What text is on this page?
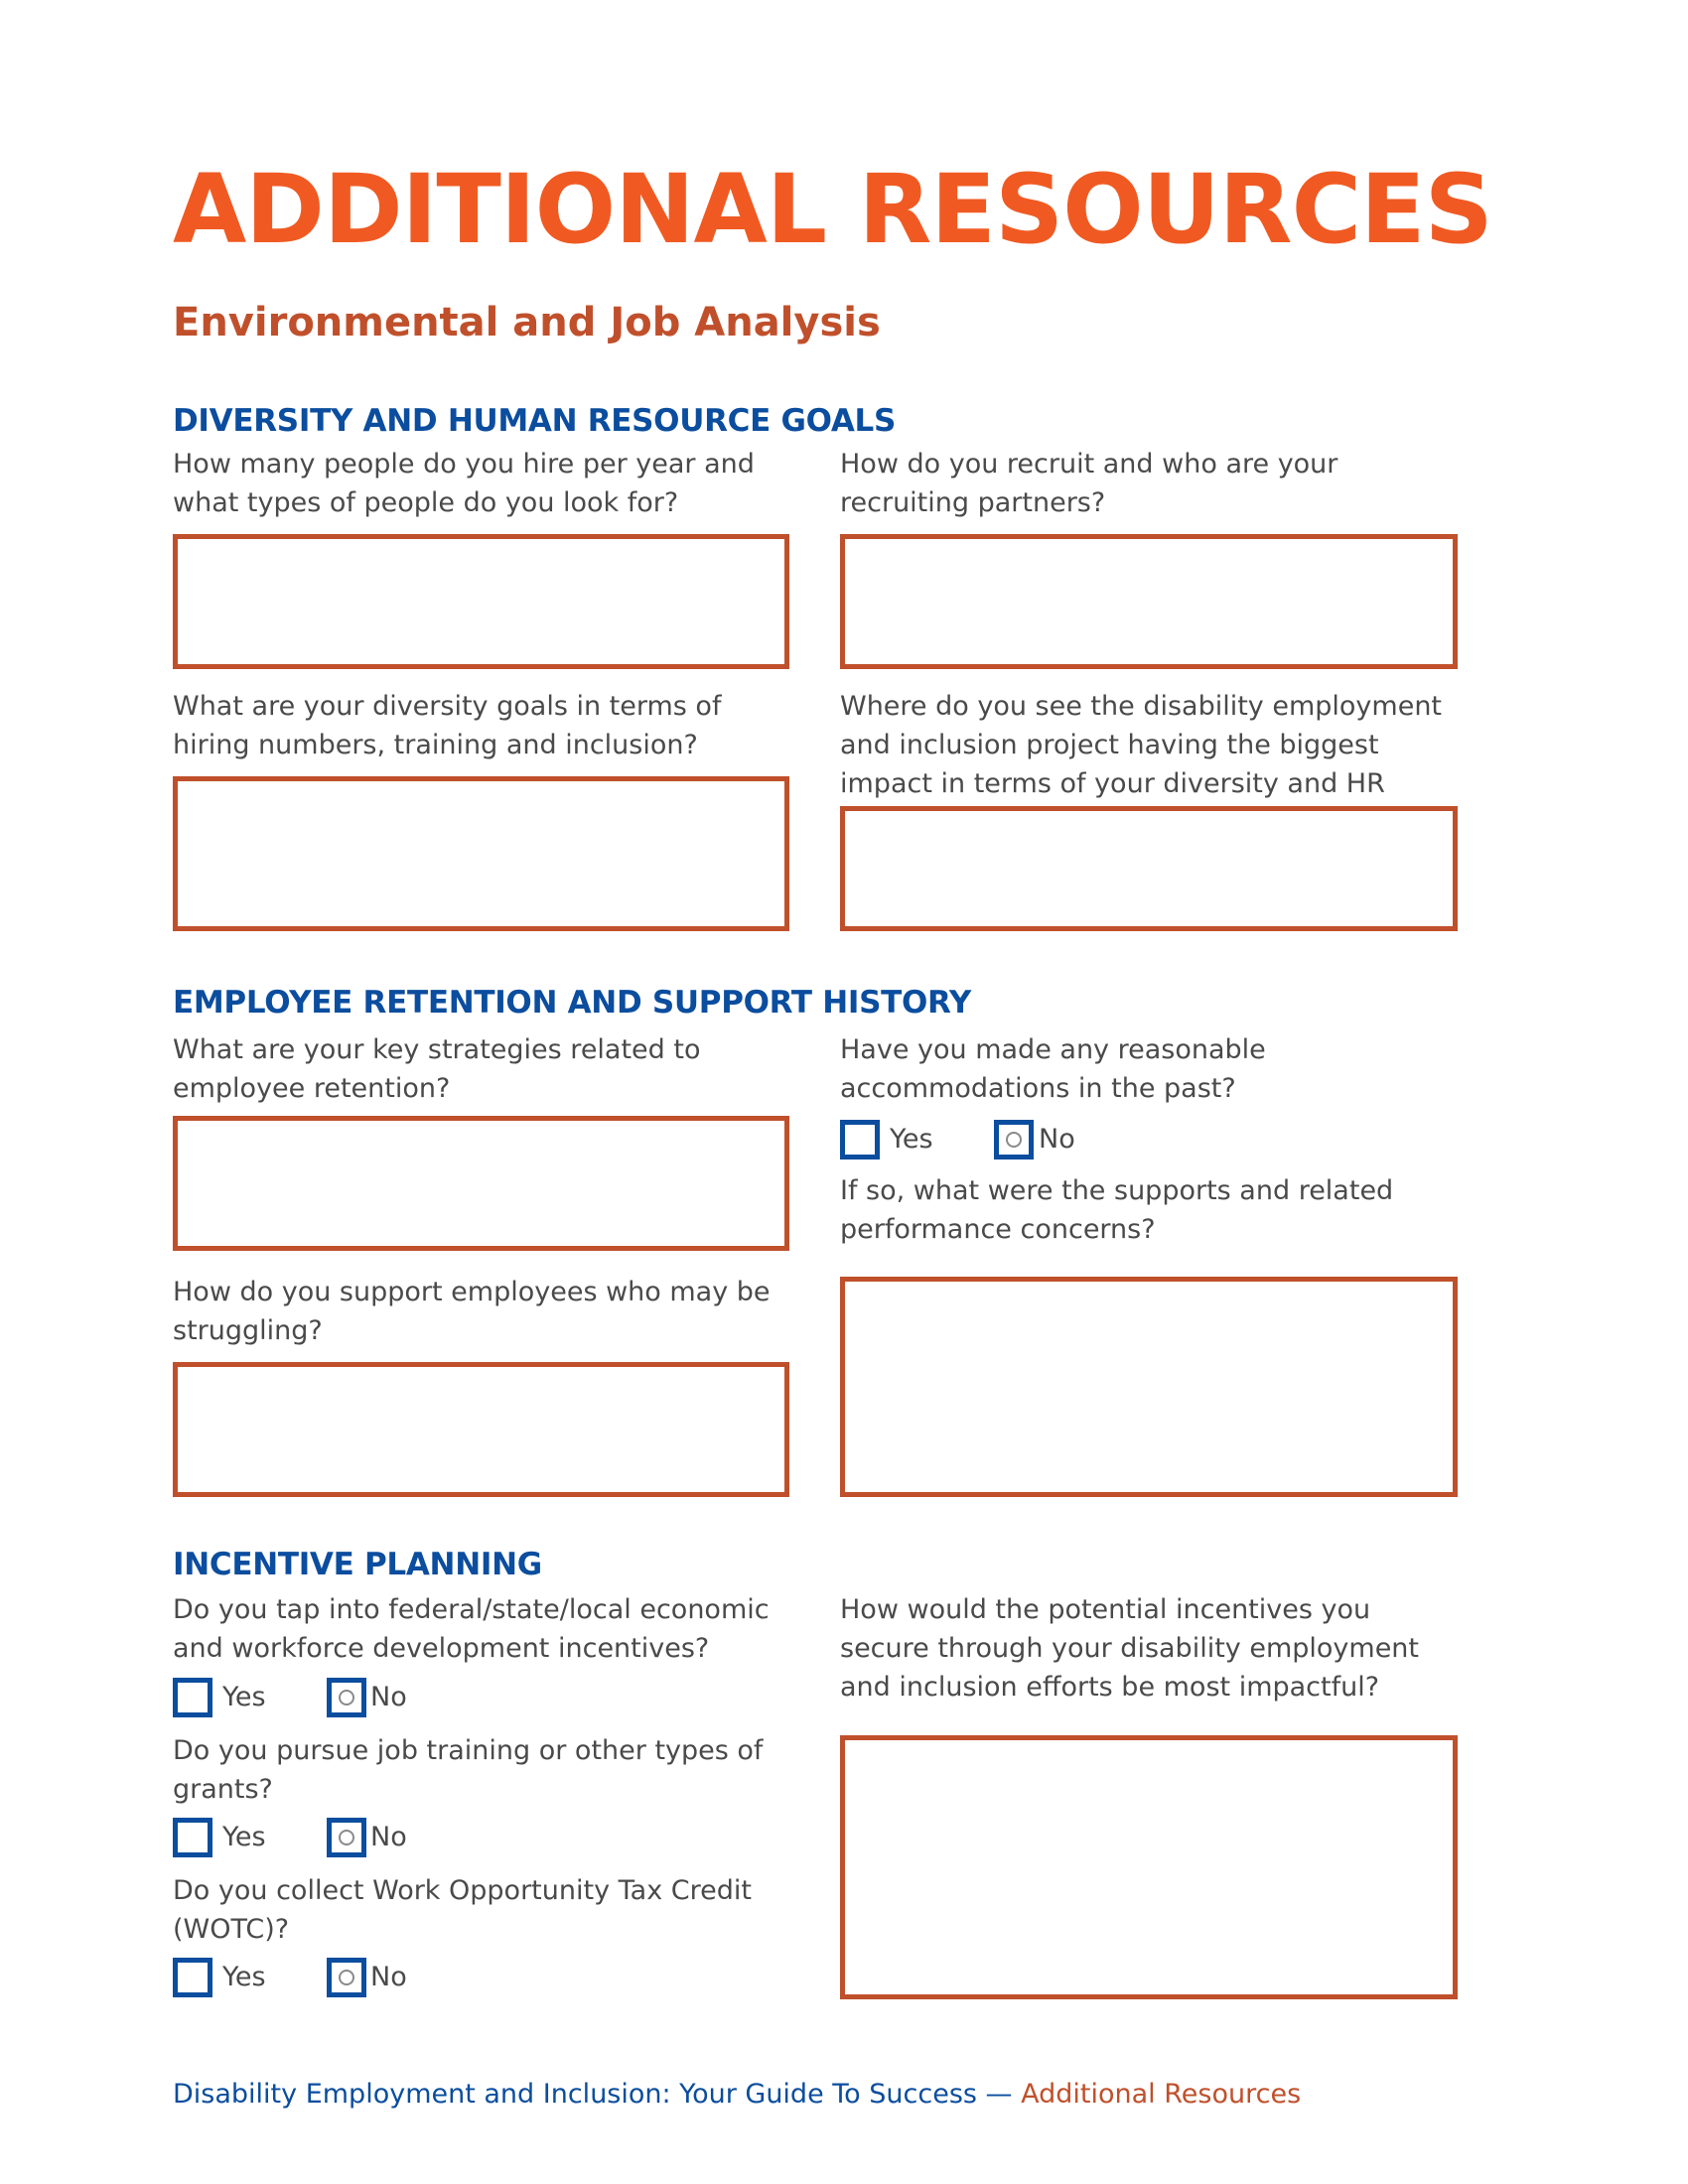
ADDITIONAL RESOURCES
Environmental and Job Analysis
DIVERSITY AND HUMAN RESOURCE GOALS
How many people do you hire per year and what types of people do you look for?
How do you recruit and who are your recruiting partners?
What are your diversity goals in terms of hiring numbers, training and inclusion?
Where do you see the disability employment and inclusion project having the biggest impact in terms of your diversity and HR
EMPLOYEE RETENTION AND SUPPORT HISTORY
What are your key strategies related to employee retention?
Have you made any reasonable accommodations in the past?
Yes	No
If so, what were the supports and related performance concerns?
How do you support employees who may be struggling?
INCENTIVE PLANNING
Do you tap into federal/state/local economic and workforce development incentives?
Yes	No
Do you pursue job training or other types of grants?
Yes	No
Do you collect Work Opportunity Tax Credit (WOTC)?
Yes	No
How would the potential incentives you secure through your disability employment and inclusion efforts be most impactful?
Disability Employment and Inclusion: Your Guide To Success — Additional Resources
